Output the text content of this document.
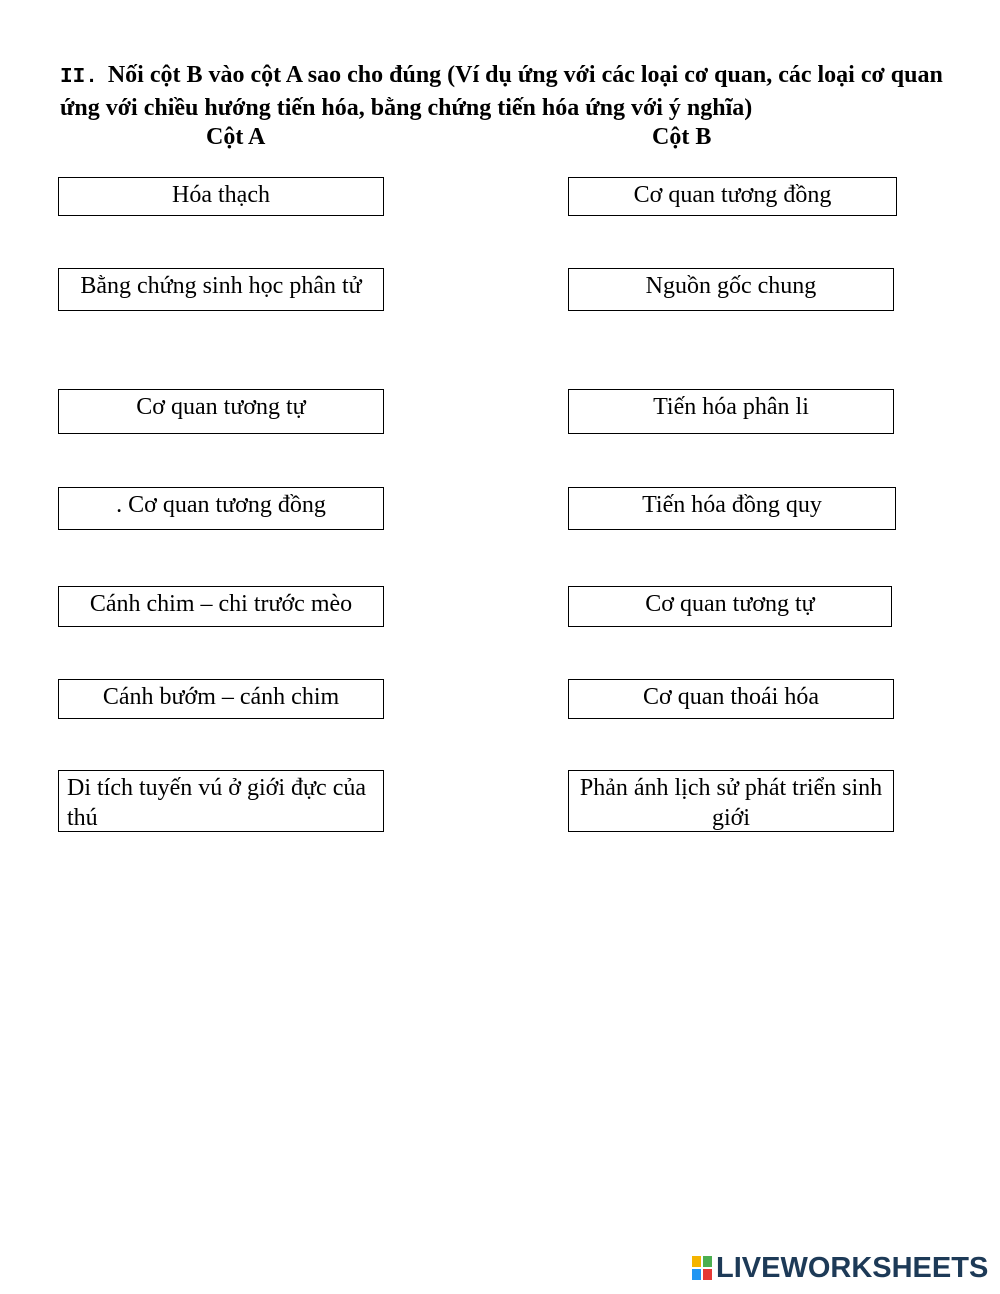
II. Nối cột B vào cột A sao cho đúng (Ví dụ ứng với các loại cơ quan, các loại cơ quan ứng với chiều hướng tiến hóa, bằng chứng tiến hóa ứng với ý nghĩa)
Cột A	Cột B
Hóa thạch
Bằng chứng sinh học phân tử
Cơ quan tương tự
. Cơ quan tương đồng
Cánh chim – chi trước mèo
Cánh bướm – cánh chim
Di tích tuyến vú ở giới đực của thú
Cơ quan tương đồng
Nguồn gốc chung
Tiến hóa phân li
Tiến hóa đồng quy
Cơ quan tương tự
Cơ quan thoái hóa
Phản ánh lịch sử phát triển sinh giới
LIVEWORKSHEETS
